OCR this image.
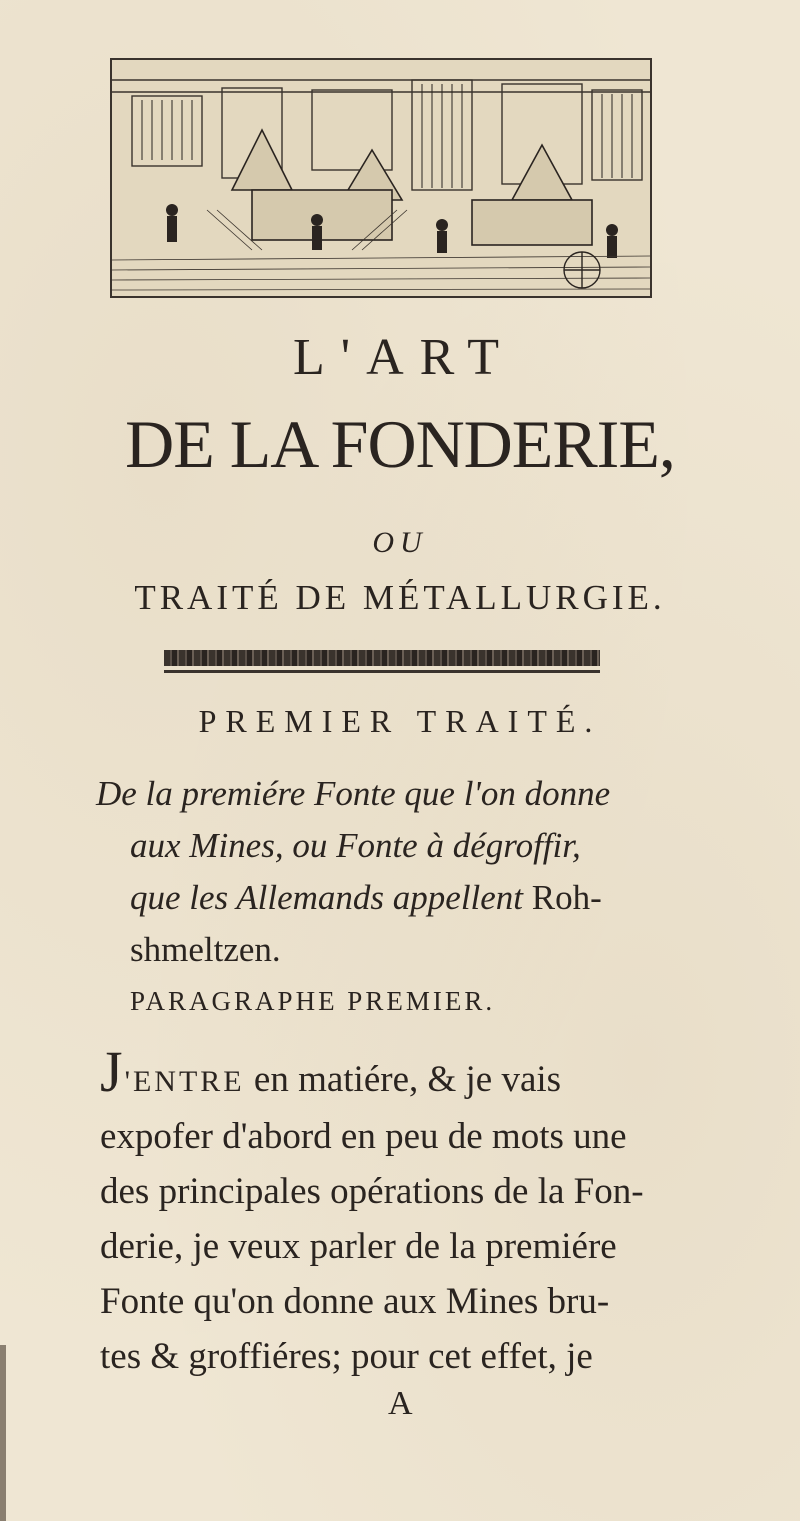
L'ART
DE LA FONDERIE,
OU
TRAITÉ DE MÉTALLURGIE.
PREMIER TRAITÉ.
De la premiére Fonte que l'on donne
aux Mines, ou Fonte à dégroffir,
que les Allemands appellent Roh-
shmeltzen.
PARAGRAPHE PREMIER.
J'ENTRE en matiére, & je vais
expofer d'abord en peu de mots une
des principales opérations de la Fon-
derie, je veux parler de la premiére
Fonte qu'on donne aux Mines bru-
tes & groffiéres; pour cet effet, je
A
